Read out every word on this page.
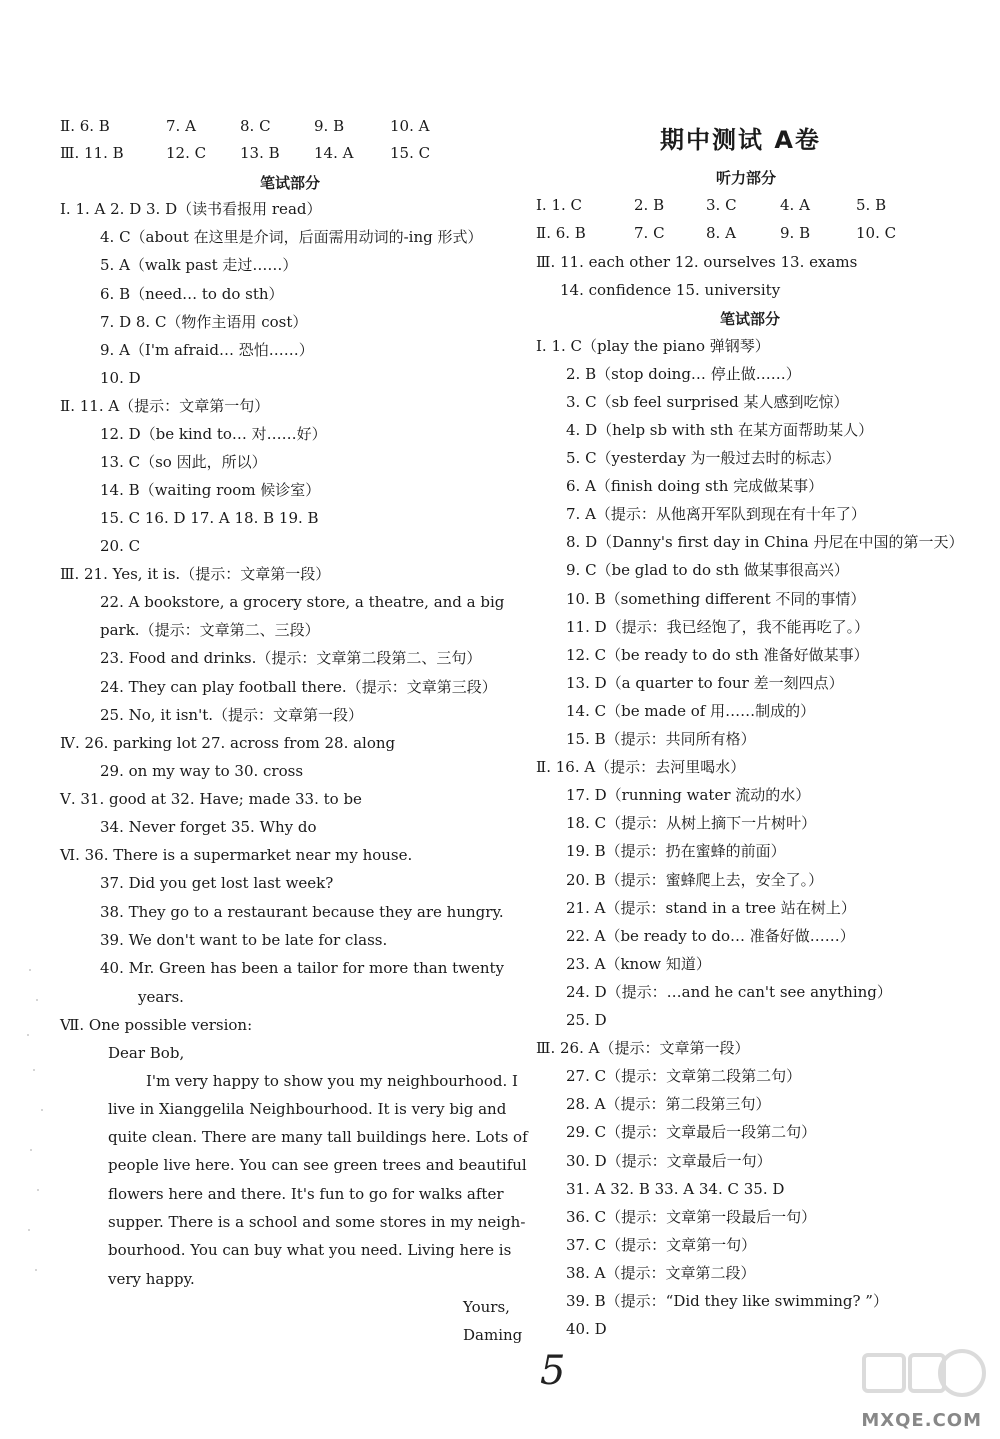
Ⅱ. 6. B	7. A	8. C	9. B	10. A
Ⅲ. 11. B	12. C 13. B 14. A 15. C
笔试部分
Ⅰ. 1. A 2. D 3. D（读书看报用 read）
4. C（about 在这里是介词，后面需用动词的-ing 形式）
5. A（walk past 走过……）
6. B（need… to do sth）
7. D 8. C（物作主语用 cost）
9. A（I'm afraid… 恐怕……）
10. D
Ⅱ. 11. A（提示：文章第一句）
12. D（be kind to… 对……好）
13. C（so 因此，所以）
14. B（waiting room 候诊室）
15. C 16. D 17. A 18. B 19. B
20. C
Ⅲ. 21. Yes, it is.（提示：文章第一段）
22. A bookstore, a grocery store, a theatre, and a big
park.（提示：文章第二、三段）
23. Food and drinks.（提示：文章第二段第二、三句）
24. They can play football there.（提示：文章第三段）
25. No, it isn't.（提示：文章第一段）
Ⅳ. 26. parking lot 27. across from 28. along
29. on my way to 30. cross
Ⅴ. 31. good at 32. Have; made 33. to be
34. Never forget 35. Why do
Ⅵ. 36. There is a supermarket near my house.
37. Did you get lost last week?
38. They go to a restaurant because they are hungry.
39. We don't want to be late for class.
40. Mr. Green has been a tailor for more than twenty
years.
Ⅶ. One possible version:
Dear Bob,
I'm very happy to show you my neighbourhood. I
live in Xianggelila Neighbourhood. It is very big and
quite clean. There are many tall buildings here. Lots of
people live here. You can see green trees and beautiful
flowers here and there. It's fun to go for walks after
supper. There is a school and some stores in my neigh-
bourhood. You can buy what you need. Living here is
very happy.
Yours,
Daming
期中测试 A卷
听力部分
Ⅰ. 1. C	2. B	3. C	4. A	5. B
Ⅱ. 6. B	7. C	8. A	9. B	10. C
Ⅲ. 11. each other 12. ourselves 13. exams
14. confidence 15. university
笔试部分
Ⅰ. 1. C（play the piano 弹钢琴）
2. B（stop doing… 停止做……）
3. C（sb feel surprised 某人感到吃惊）
4. D（help sb with sth 在某方面帮助某人）
5. C（yesterday 为一般过去时的标志）
6. A（finish doing sth 完成做某事）
7. A（提示：从他离开军队到现在有十年了）
8. D（Danny's first day in China 丹尼在中国的第一天）
9. C（be glad to do sth 做某事很高兴）
10. B（something different 不同的事情）
11. D（提示：我已经饱了，我不能再吃了。）
12. C（be ready to do sth 准备好做某事）
13. D（a quarter to four 差一刻四点）
14. C（be made of 用……制成的）
15. B（提示：共同所有格）
Ⅱ. 16. A（提示：去河里喝水）
17. D（running water 流动的水）
18. C（提示：从树上摘下一片树叶）
19. B（提示：扔在蜜蜂的前面）
20. B（提示：蜜蜂爬上去，安全了。）
21. A（提示：stand in a tree 站在树上）
22. A（be ready to do… 准备好做……）
23. A（know 知道）
24. D（提示：…and he can't see anything）
25. D
Ⅲ. 26. A（提示：文章第一段）
27. C（提示：文章第二段第二句）
28. A（提示：第二段第三句）
29. C（提示：文章最后一段第二句）
30. D（提示：文章最后一句）
31. A 32. B 33. A 34. C 35. D
36. C（提示：文章第一段最后一句）
37. C（提示：文章第一句）
38. A（提示：文章第二段）
39. B（提示：“Did they like swimming? ”）
40. D
5
MXQE.COM
